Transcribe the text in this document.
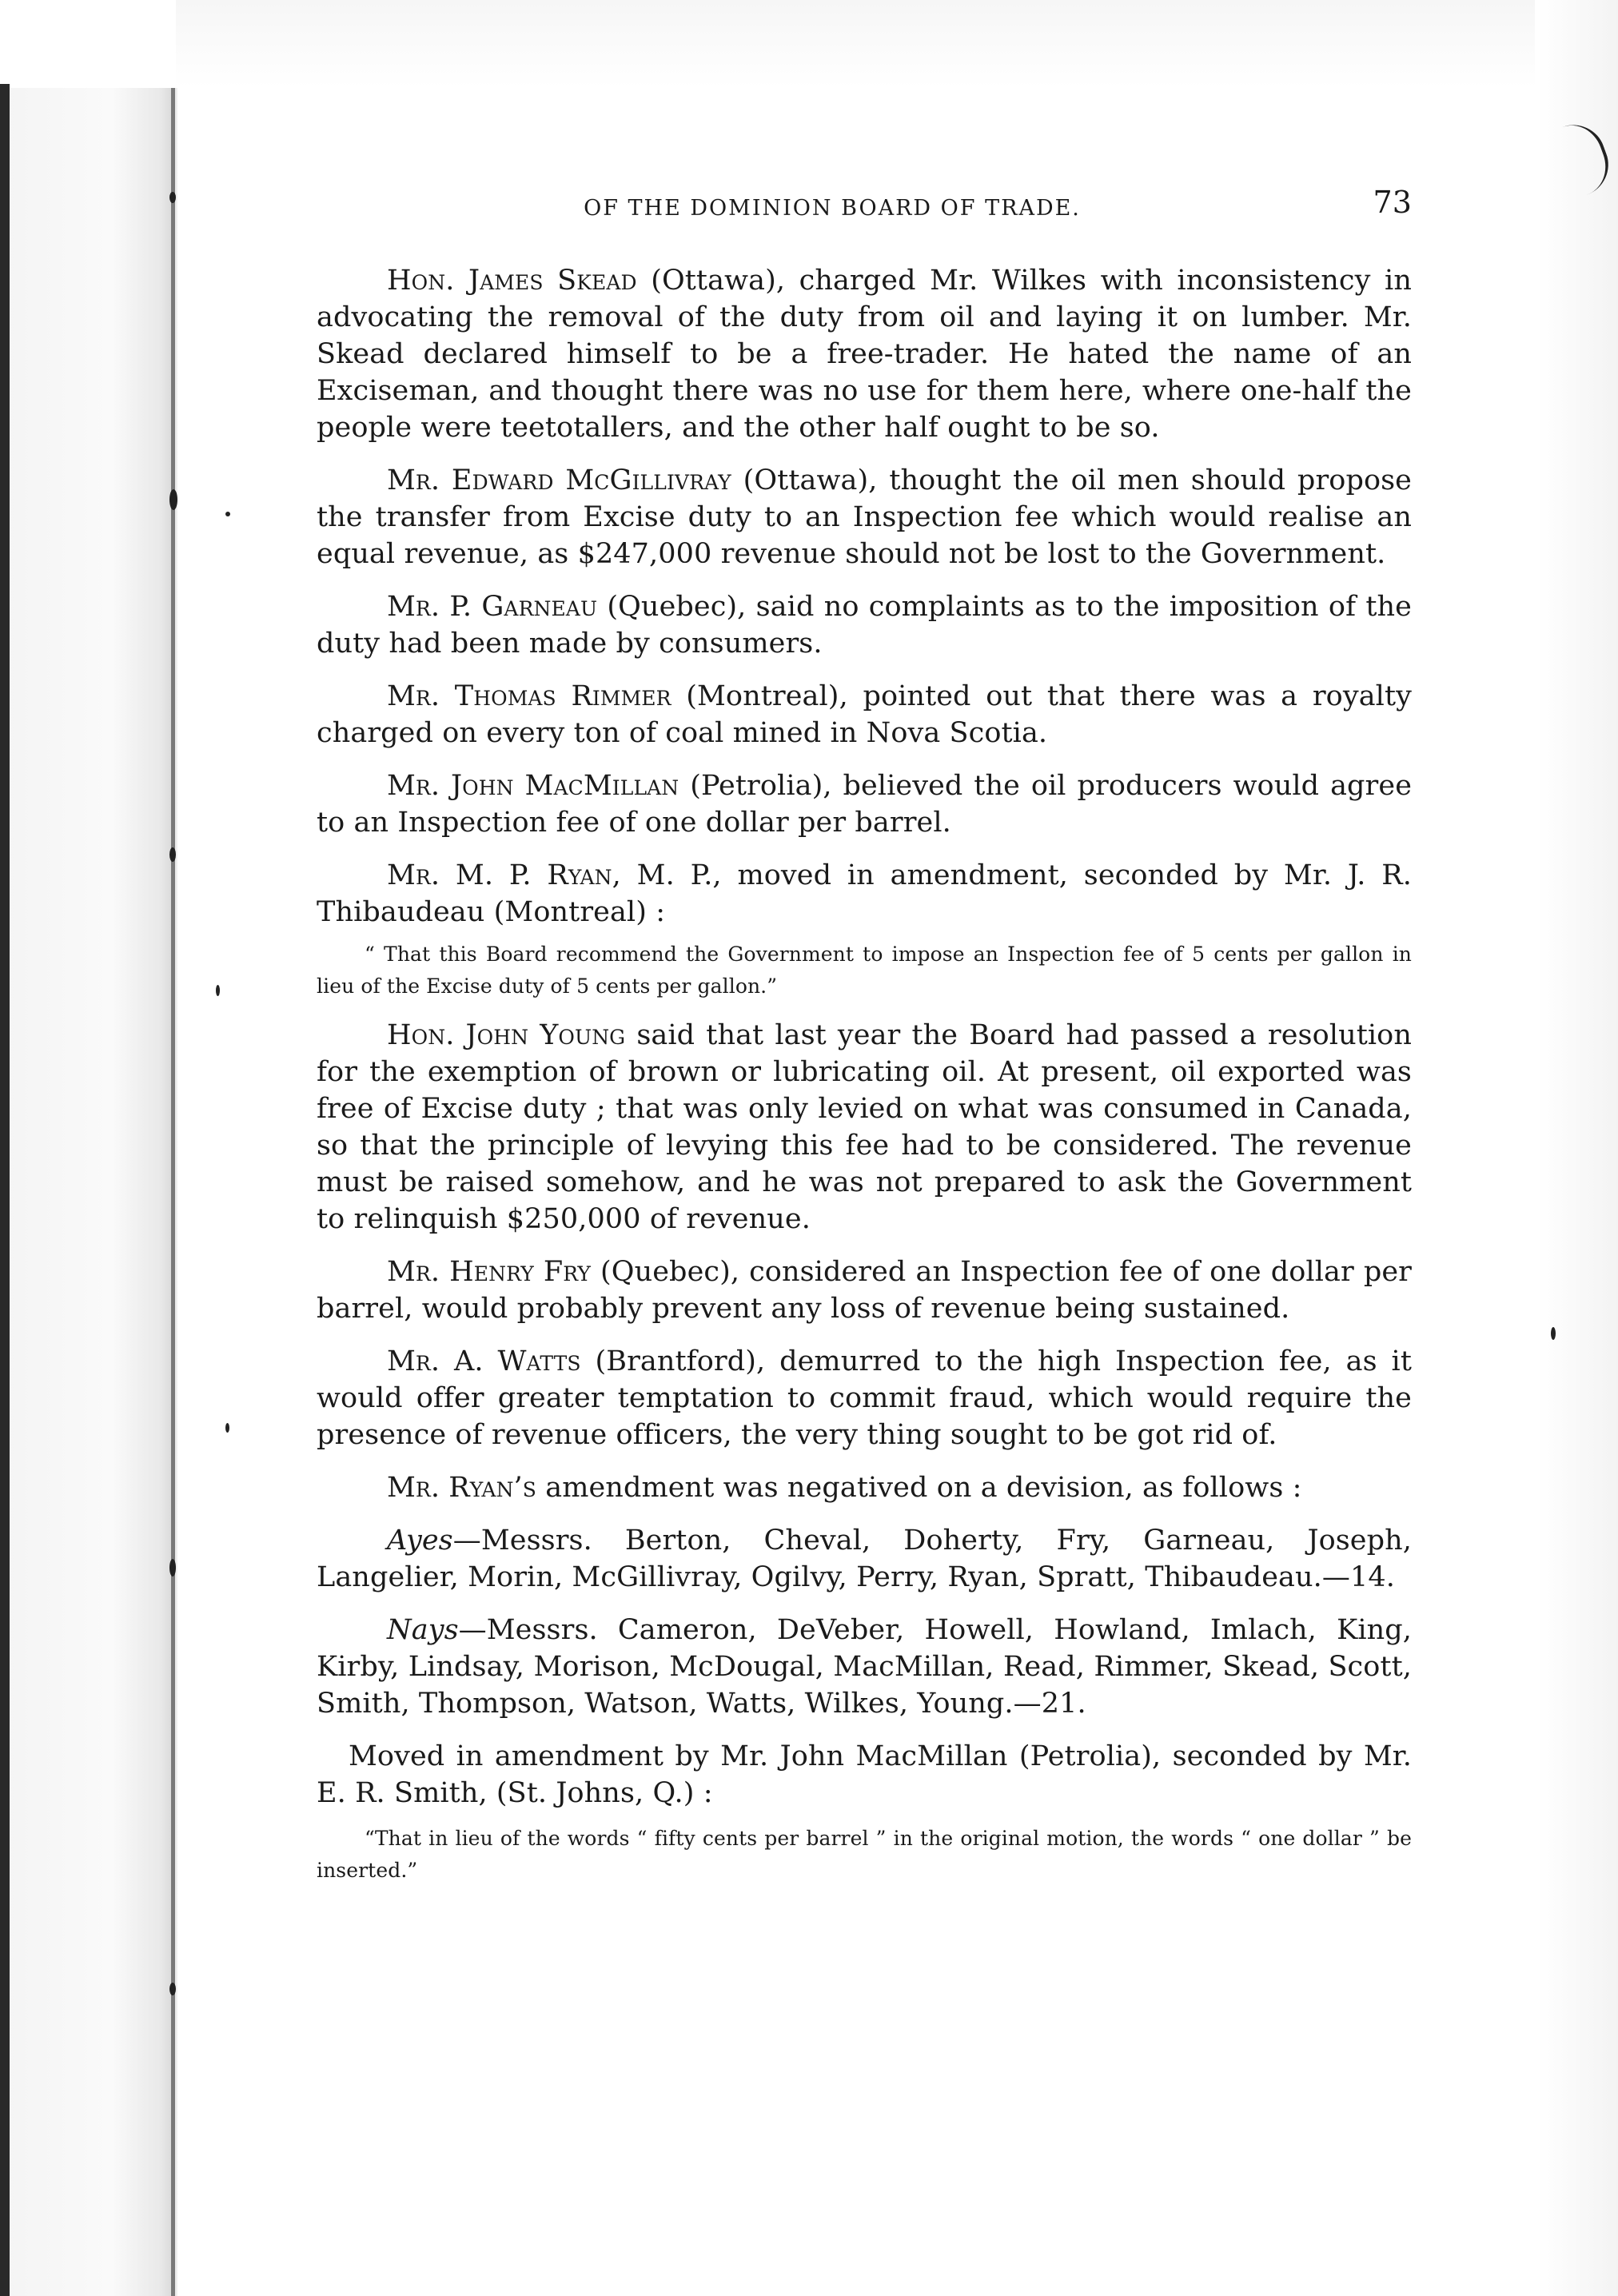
OF THE DOMINION BOARD OF TRADE.	73

Hon. James Skead (Ottawa), charged Mr. Wilkes with inconsistency in advocating the removal of the duty from oil and laying it on lumber. Mr. Skead declared himself to be a free-trader. He hated the name of an Exciseman, and thought there was no use for them here, where one-half the people were teetotallers, and the other half ought to be so.

Mr. Edward McGillivray (Ottawa), thought the oil men should propose the transfer from Excise duty to an Inspection fee which would realise an equal revenue, as $247,000 revenue should not be lost to the Government.

Mr. P. Garneau (Quebec), said no complaints as to the imposition of the duty had been made by consumers.

Mr. Thomas Rimmer (Montreal), pointed out that there was a royalty charged on every ton of coal mined in Nova Scotia.

Mr. John MacMillan (Petrolia), believed the oil producers would agree to an Inspection fee of one dollar per barrel.

Mr. M. P. Ryan, M. P., moved in amendment, seconded by Mr. J. R. Thibaudeau (Montreal) :

“ That this Board recommend the Government to impose an Inspection fee of 5 cents per gallon in lieu of the Excise duty of 5 cents per gallon.”

Hon. John Young said that last year the Board had passed a resolution for the exemption of brown or lubricating oil. At present, oil exported was free of Excise duty ; that was only levied on what was consumed in Canada, so that the principle of levying this fee had to be considered. The revenue must be raised somehow, and he was not prepared to ask the Government to relinquish $250,000 of revenue.

Mr. Henry Fry (Quebec), considered an Inspection fee of one dollar per barrel, would probably prevent any loss of revenue being sustained.

Mr. A. Watts (Brantford), demurred to the high Inspection fee, as it would offer greater temptation to commit fraud, which would require the presence of revenue officers, the very thing sought to be got rid of.

Mr. Ryan’s amendment was negatived on a devision, as follows :

Ayes—Messrs. Berton, Cheval, Doherty, Fry, Garneau, Joseph, Langelier, Morin, McGillivray, Ogilvy, Perry, Ryan, Spratt, Thibaudeau.—14.

Nays—Messrs. Cameron, DeVeber, Howell, Howland, Imlach, King, Kirby, Lindsay, Morison, McDougal, MacMillan, Read, Rimmer, Skead, Scott, Smith, Thompson, Watson, Watts, Wilkes, Young.—21.

Moved in amendment by Mr. John MacMillan (Petrolia), seconded by Mr. E. R. Smith, (St. Johns, Q.) :

“That in lieu of the words “ fifty cents per barrel ” in the original motion, the words “ one dollar ” be inserted.”
